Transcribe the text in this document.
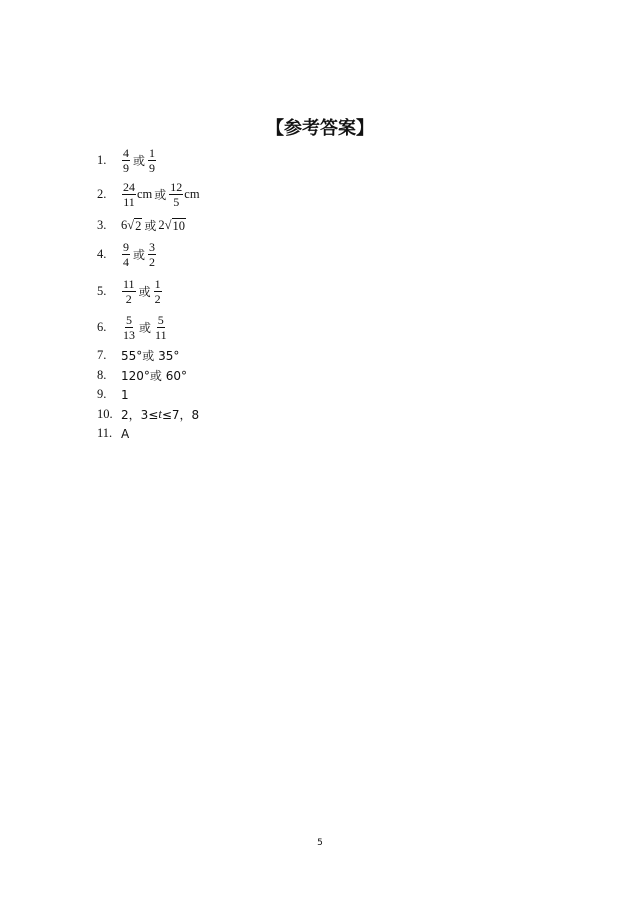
【参考答案】
1.	$\frac{4}{9}$ 或 $\frac{1}{9}$
2.	$\frac{24}{11}$ cm 或 $\frac{12}{5}$ cm
3.	6 √ 2 或 2 √ 10
4.	$\frac{9}{4}$ 或 $\frac{3}{2}$
5.	$\frac{11}{2}$ 或 $\frac{1}{2}$
6.	$\frac{5}{13}$ 或 $\frac{5}{11}$
7.	55°或 35°
8.	120°或 60°
9.	1
10. 2，3 ≤ t ≤7，8
11. A
5
